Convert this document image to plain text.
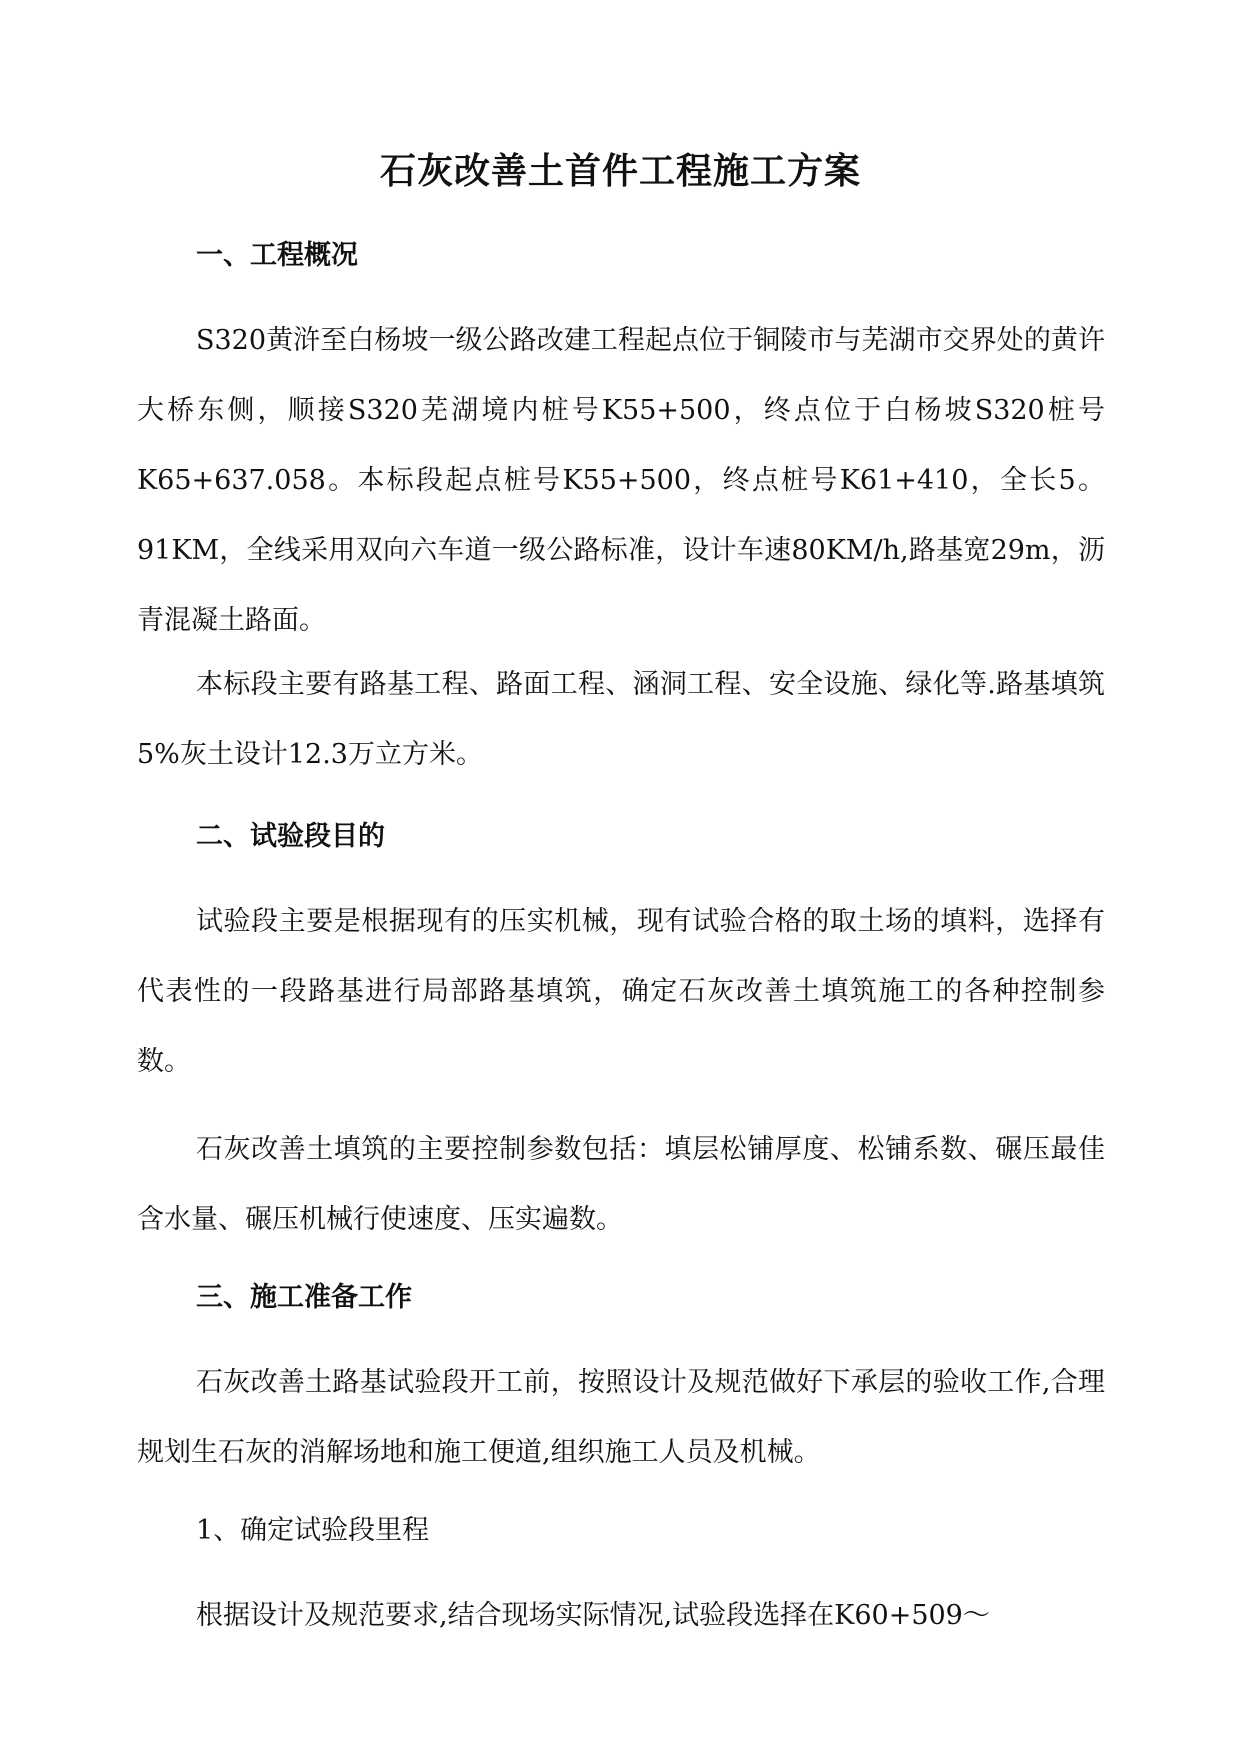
石灰改善土首件工程施工方案
一、工程概况
S320黄浒至白杨坡一级公路改建工程起点位于铜陵市与芜湖市交界处的黄许大桥东侧，顺接S320芜湖境内桩号K55+500，终点位于白杨坡S320桩号K65+637.058。本标段起点桩号K55+500，终点桩号K61+410，全长5。91KM，全线采用双向六车道一级公路标准，设计车速80KM/h,路基宽29m，沥青混凝土路面。
本标段主要有路基工程、路面工程、涵洞工程、安全设施、绿化等.路基填筑5%灰土设计12.3万立方米。
二、试验段目的
试验段主要是根据现有的压实机械，现有试验合格的取土场的填料，选择有代表性的一段路基进行局部路基填筑，确定石灰改善土填筑施工的各种控制参数。
石灰改善土填筑的主要控制参数包括：填层松铺厚度、松铺系数、碾压最佳含水量、碾压机械行使速度、压实遍数。
三、施工准备工作
石灰改善土路基试验段开工前，按照设计及规范做好下承层的验收工作,合理规划生石灰的消解场地和施工便道,组织施工人员及机械。
1、确定试验段里程
根据设计及规范要求,结合现场实际情况,试验段选择在K60+509～
